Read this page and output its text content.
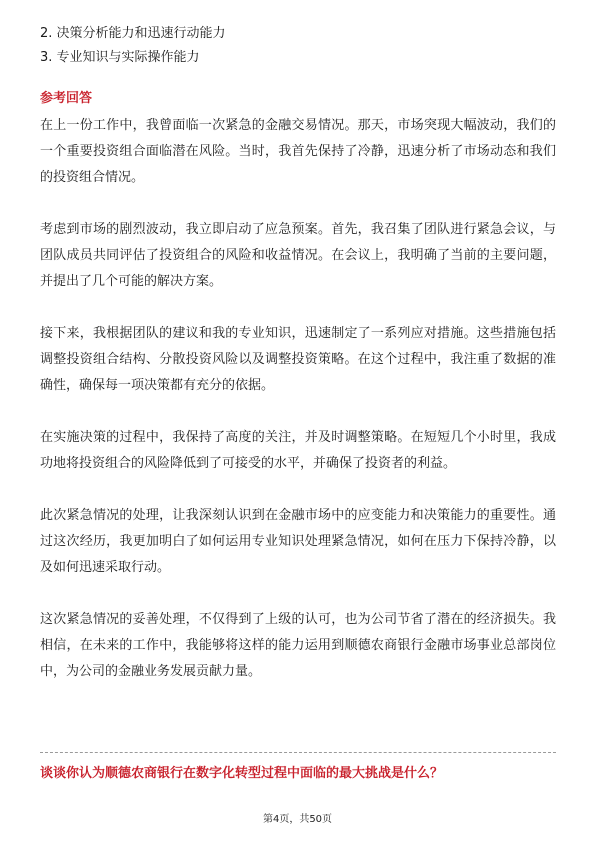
2. 决策分析能力和迅速行动能力
3. 专业知识与实际操作能力
参考回答

在上一份工作中，我曾面临一次紧急的金融交易情况。那天，市场突现大幅波动，我们的一个重要投资组合面临潜在风险。当时，我首先保持了冷静，迅速分析了市场动态和我们的投资组合情况。

考虑到市场的剧烈波动，我立即启动了应急预案。首先，我召集了团队进行紧急会议，与团队成员共同评估了投资组合的风险和收益情况。在会议上，我明确了当前的主要问题，并提出了几个可能的解决方案。

接下来，我根据团队的建议和我的专业知识，迅速制定了一系列应对措施。这些措施包括调整投资组合结构、分散投资风险以及调整投资策略。在这个过程中，我注重了数据的准确性，确保每一项决策都有充分的依据。

在实施决策的过程中，我保持了高度的关注，并及时调整策略。在短短几个小时里，我成功地将投资组合的风险降低到了可接受的水平，并确保了投资者的利益。

此次紧急情况的处理，让我深刻认识到在金融市场中的应变能力和决策能力的重要性。通过这次经历，我更加明白了如何运用专业知识处理紧急情况，如何在压力下保持冷静，以及如何迅速采取行动。

这次紧急情况的妥善处理，不仅得到了上级的认可，也为公司节省了潜在的经济损失。我相信，在未来的工作中，我能够将这样的能力运用到顺德农商银行金融市场事业总部岗位中，为公司的金融业务发展贡献力量。

谈谈你认为顺德农商银行在数字化转型过程中面临的最大挑战是什么？
第4页，共50页
